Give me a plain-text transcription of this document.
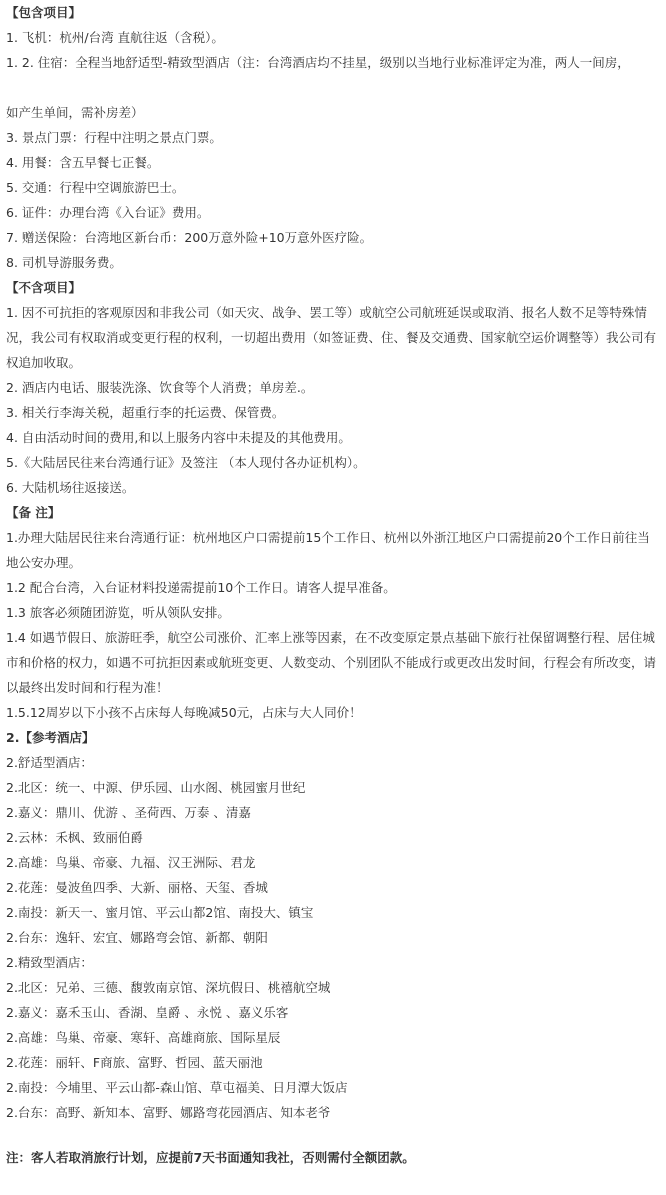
【包含项目】
1. 飞机：杭州/台湾 直航往返（含税）。
1. 2. 住宿：全程当地舒适型-精致型酒店（注：台湾酒店均不挂星，级别以当地行业标准评定为准，两人一间房，
如产生单间，需补房差）
3. 景点门票：行程中注明之景点门票。
4. 用餐：含五早餐七正餐。
5. 交通：行程中空调旅游巴士。
6. 证件：办理台湾《入台证》费用。
7. 赠送保险：台湾地区新台币：200万意外险+10万意外医疗险。
8. 司机导游服务费。
【不含项目】
1. 因不可抗拒的客观原因和非我公司（如天灾、战争、罢工等）或航空公司航班延误或取消、报名人数不足等特殊情况，我公司有权取消或变更行程的权利，一切超出费用（如签证费、住、餐及交通费、国家航空运价调整等）我公司有权追加收取。
2. 酒店内电话、服装洗涤、饮食等个人消费；单房差.。
3. 相关行李海关税，超重行李的托运费、保管费。
4. 自由活动时间的费用,和以上服务内容中未提及的其他费用。
5.《大陆居民往来台湾通行证》及签注 （本人现付各办证机构）。
6. 大陆机场往返接送。
【备 注】
1.办理大陆居民往来台湾通行证：杭州地区户口需提前15个工作日、杭州以外浙江地区户口需提前20个工作日前往当地公安办理。
1.2 配合台湾，入台证材料投递需提前10个工作日。请客人提早准备。
1.3 旅客必须随团游览，听从领队安排。
1.4 如遇节假日、旅游旺季，航空公司涨价、汇率上涨等因素，在不改变原定景点基础下旅行社保留调整行程、居住城市和价格的权力，如遇不可抗拒因素或航班变更、人数变动、个别团队不能成行或更改出发时间，行程会有所改变，请以最终出发时间和行程为准！
1.5.12周岁以下小孩不占床每人每晚减50元，占床与大人同价！
2.【参考酒店】
2.舒适型酒店：
2.北区：统一、中源、伊乐园、山水阁、桃园蜜月世纪
2.嘉义：鼎川、优游 、圣荷西、万泰 、清嘉
2.云林：禾枫、致丽伯爵
2.高雄：鸟巢、帝豪、九福、汉王洲际、君龙
2.花莲：曼波鱼四季、大新、丽格、天玺、香城
2.南投：新天一、蜜月馆、平云山都2馆、南投大、镇宝
2.台东：逸轩、宏宜、娜路弯会馆、新都、朝阳
2.精致型酒店：
2.北区：兄弟、三德、馥敦南京馆、深坑假日、桃禧航空城
2.嘉义：嘉禾玉山、香湖、皇爵 、永悦 、嘉义乐客
2.高雄：鸟巢、帝豪、寒轩、高雄商旅、国际星辰
2.花莲：丽轩、F商旅、富野、哲园、蓝天丽池
2.南投：今埔里、平云山都-森山馆、草屯福美、日月潭大饭店
2.台东：高野、新知本、富野、娜路弯花园酒店、知本老爷
注：客人若取消旅行计划，应提前7天书面通知我社，否则需付全额团款。
